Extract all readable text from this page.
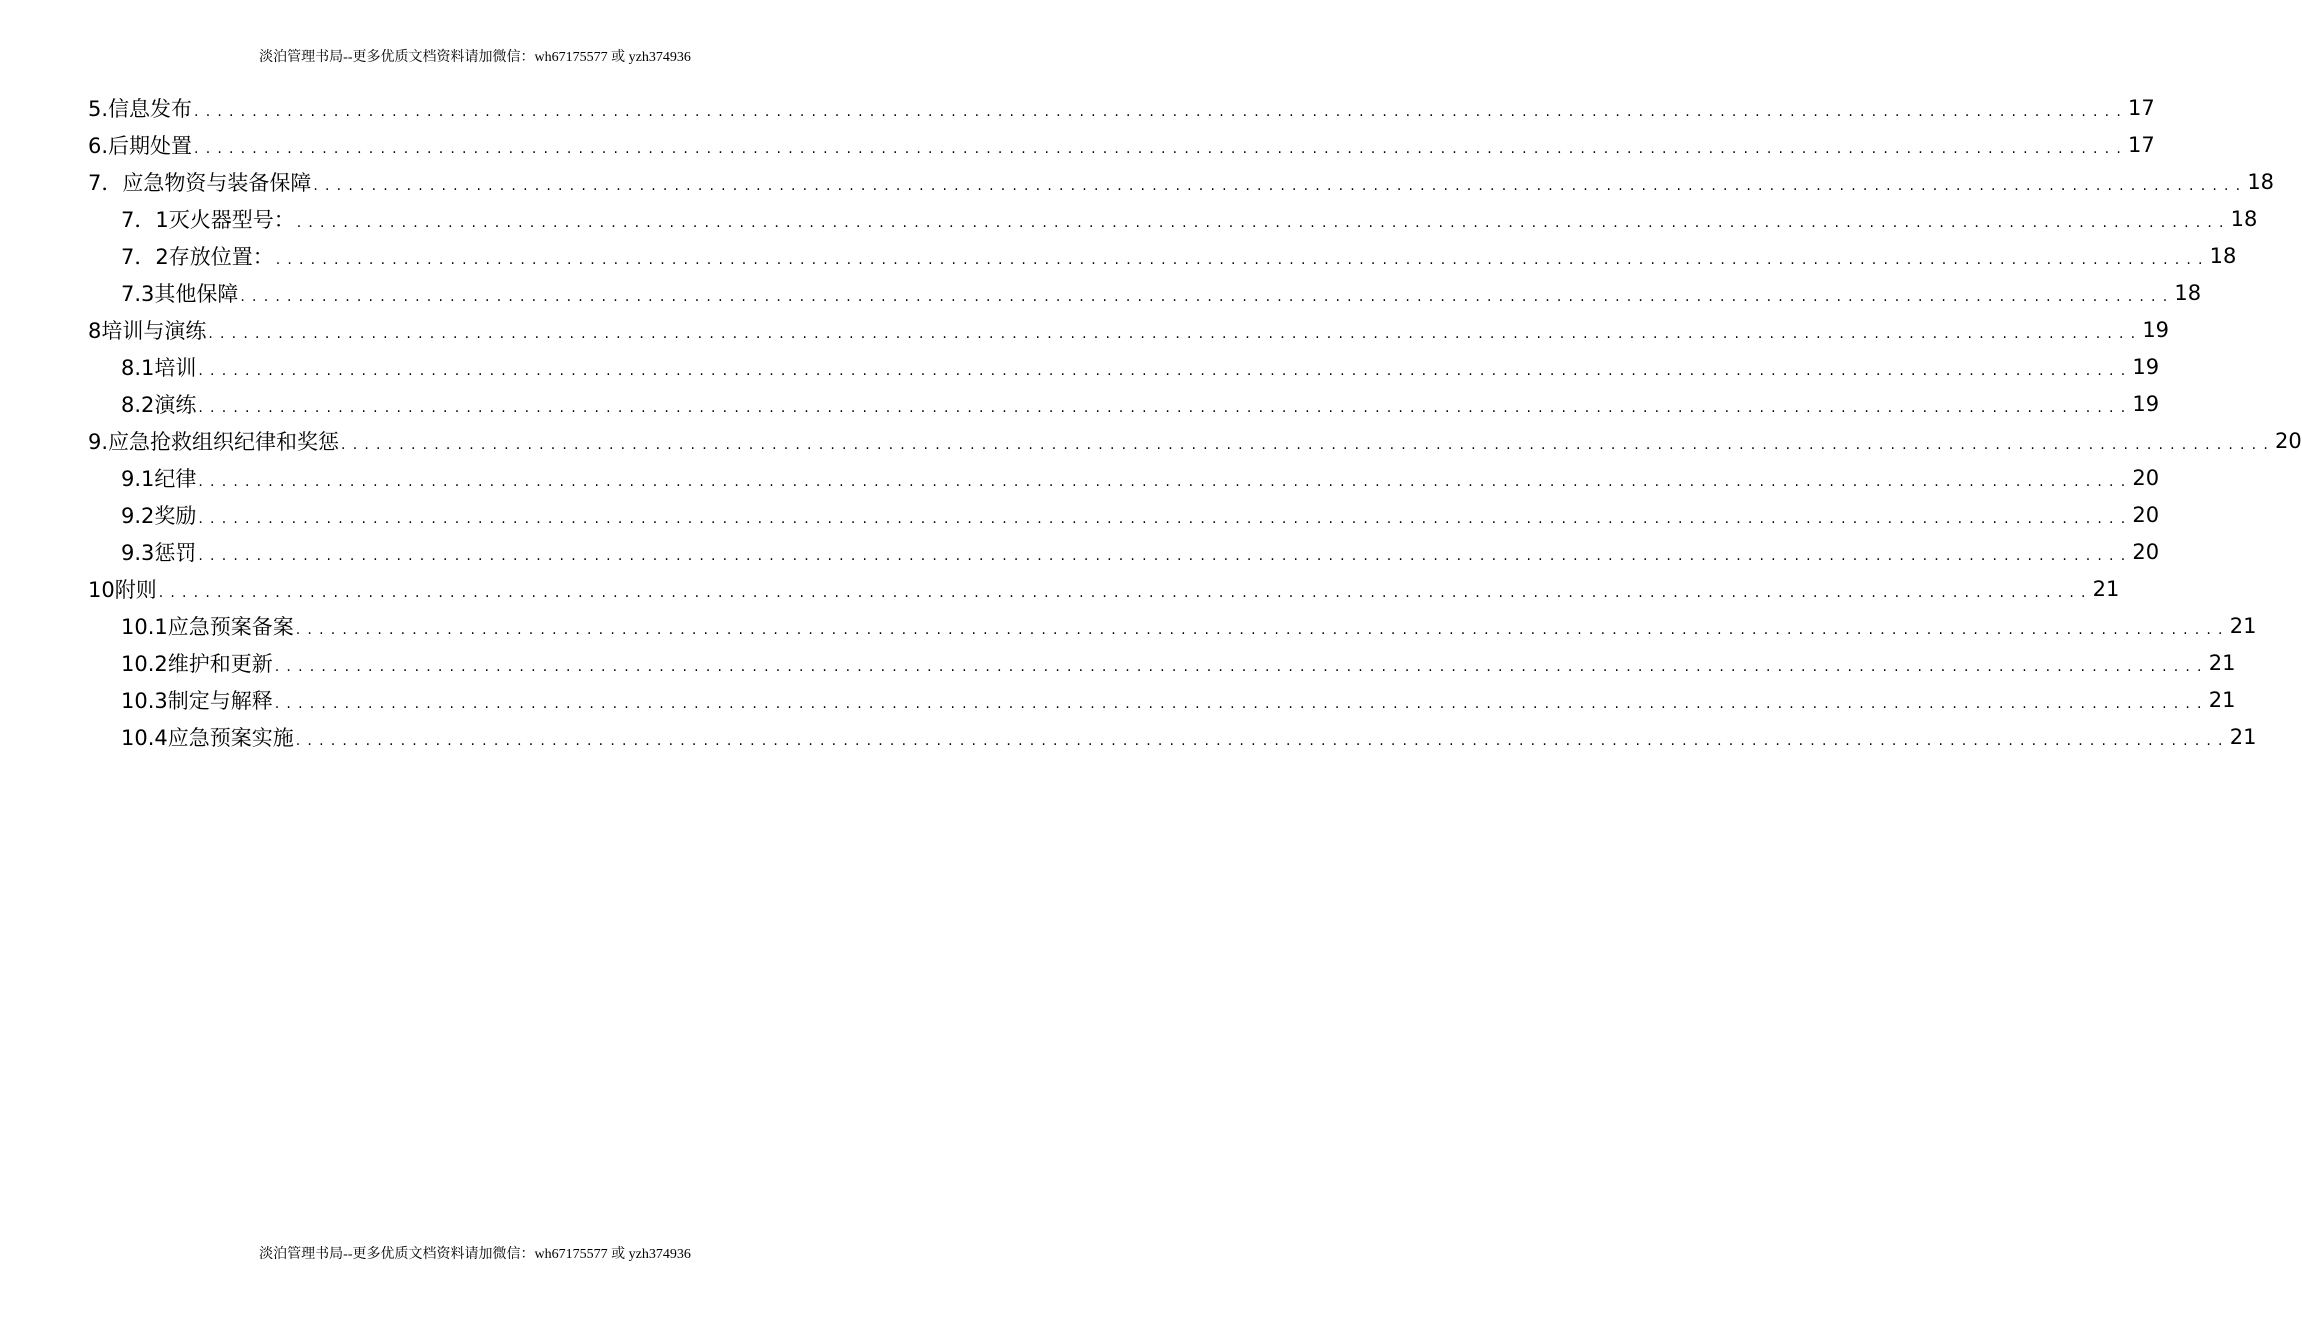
淡泊管理书局--更多优质文档资料请加微信：wh67175577 或 yzh374936
5.信息发布 ...................................................................................................................................................................... 17
6.后期处置 ...................................................................................................................................................................... 17
7．应急物资与装备保障 ...................................................................................................................................................................... 18
7．1灭火器型号： ...................................................................................................................................................................... 18
7．2存放位置： ...................................................................................................................................................................... 18
7.3其他保障 ...................................................................................................................................................................... 18
8培训与演练 ...................................................................................................................................................................... 19
8.1培训 ...................................................................................................................................................................... 19
8.2演练 ...................................................................................................................................................................... 19
9.应急抢救组织纪律和奖惩 ...................................................................................................................................................................... 20
9.1纪律 ...................................................................................................................................................................... 20
9.2奖励 ...................................................................................................................................................................... 20
9.3惩罚 ...................................................................................................................................................................... 20
10附则 ...................................................................................................................................................................... 21
10.1应急预案备案 ...................................................................................................................................................................... 21
10.2维护和更新 ...................................................................................................................................................................... 21
10.3制定与解释 ...................................................................................................................................................................... 21
10.4应急预案实施 ...................................................................................................................................................................... 21
淡泊管理书局--更多优质文档资料请加微信：wh67175577 或 yzh374936
